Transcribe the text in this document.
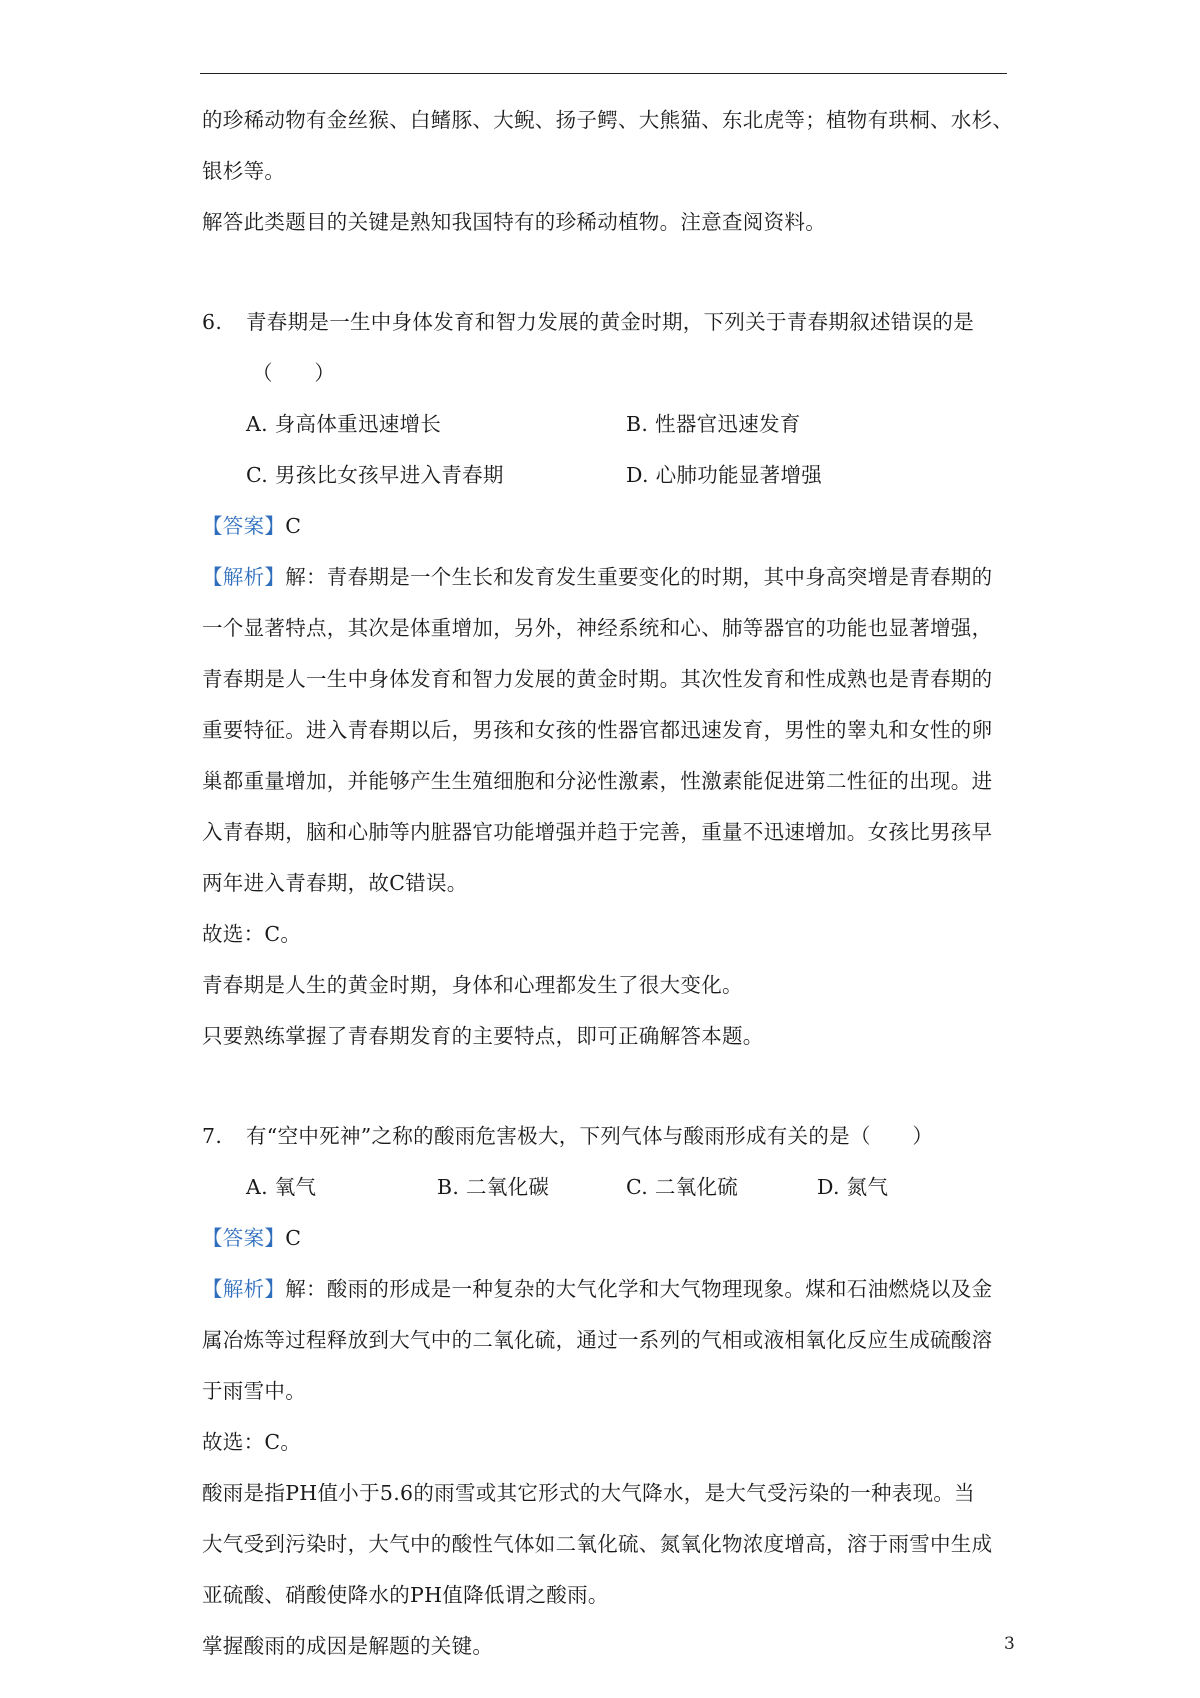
的珍稀动物有金丝猴、白鳍豚、大鲵、扬子鳄、大熊猫、东北虎等；植物有珙桐、水杉、
银杉等。
解答此类题目的关键是熟知我国特有的珍稀动植物。注意查阅资料。
6. 青春期是一生中身体发育和智力发展的黄金时期，下列关于青春期叙述错误的是
（　　）
A. 身高体重迅速增长	B. 性器官迅速发育
C. 男孩比女孩早进入青春期	D. 心肺功能显著增强
【答案】C
【解析】解：青春期是一个生长和发育发生重要变化的时期，其中身高突增是青春期的
一个显著特点，其次是体重增加，另外，神经系统和心、肺等器官的功能也显著增强，
青春期是人一生中身体发育和智力发展的黄金时期。其次性发育和性成熟也是青春期的
重要特征。进入青春期以后，男孩和女孩的性器官都迅速发育，男性的睾丸和女性的卵
巢都重量增加，并能够产生生殖细胞和分泌性激素，性激素能促进第二性征的出现。进
入青春期，脑和心肺等内脏器官功能增强并趋于完善，重量不迅速增加。女孩比男孩早
两年进入青春期，故C错误。
故选：C。
青春期是人生的黄金时期，身体和心理都发生了很大变化。
只要熟练掌握了青春期发育的主要特点，即可正确解答本题。
7. 有“空中死神”之称的酸雨危害极大，下列气体与酸雨形成有关的是（　　）
A. 氧气	B. 二氧化碳	C. 二氧化硫	D. 氮气
【答案】C
【解析】解：酸雨的形成是一种复杂的大气化学和大气物理现象。煤和石油燃烧以及金
属冶炼等过程释放到大气中的二氧化硫，通过一系列的气相或液相氧化反应生成硫酸溶
于雨雪中。
故选：C。
酸雨是指PH值小于5.6的雨雪或其它形式的大气降水，是大气受污染的一种表现。当
大气受到污染时，大气中的酸性气体如二氧化硫、氮氧化物浓度增高，溶于雨雪中生成
亚硫酸、硝酸使降水的PH值降低谓之酸雨。
掌握酸雨的成因是解题的关键。	3
